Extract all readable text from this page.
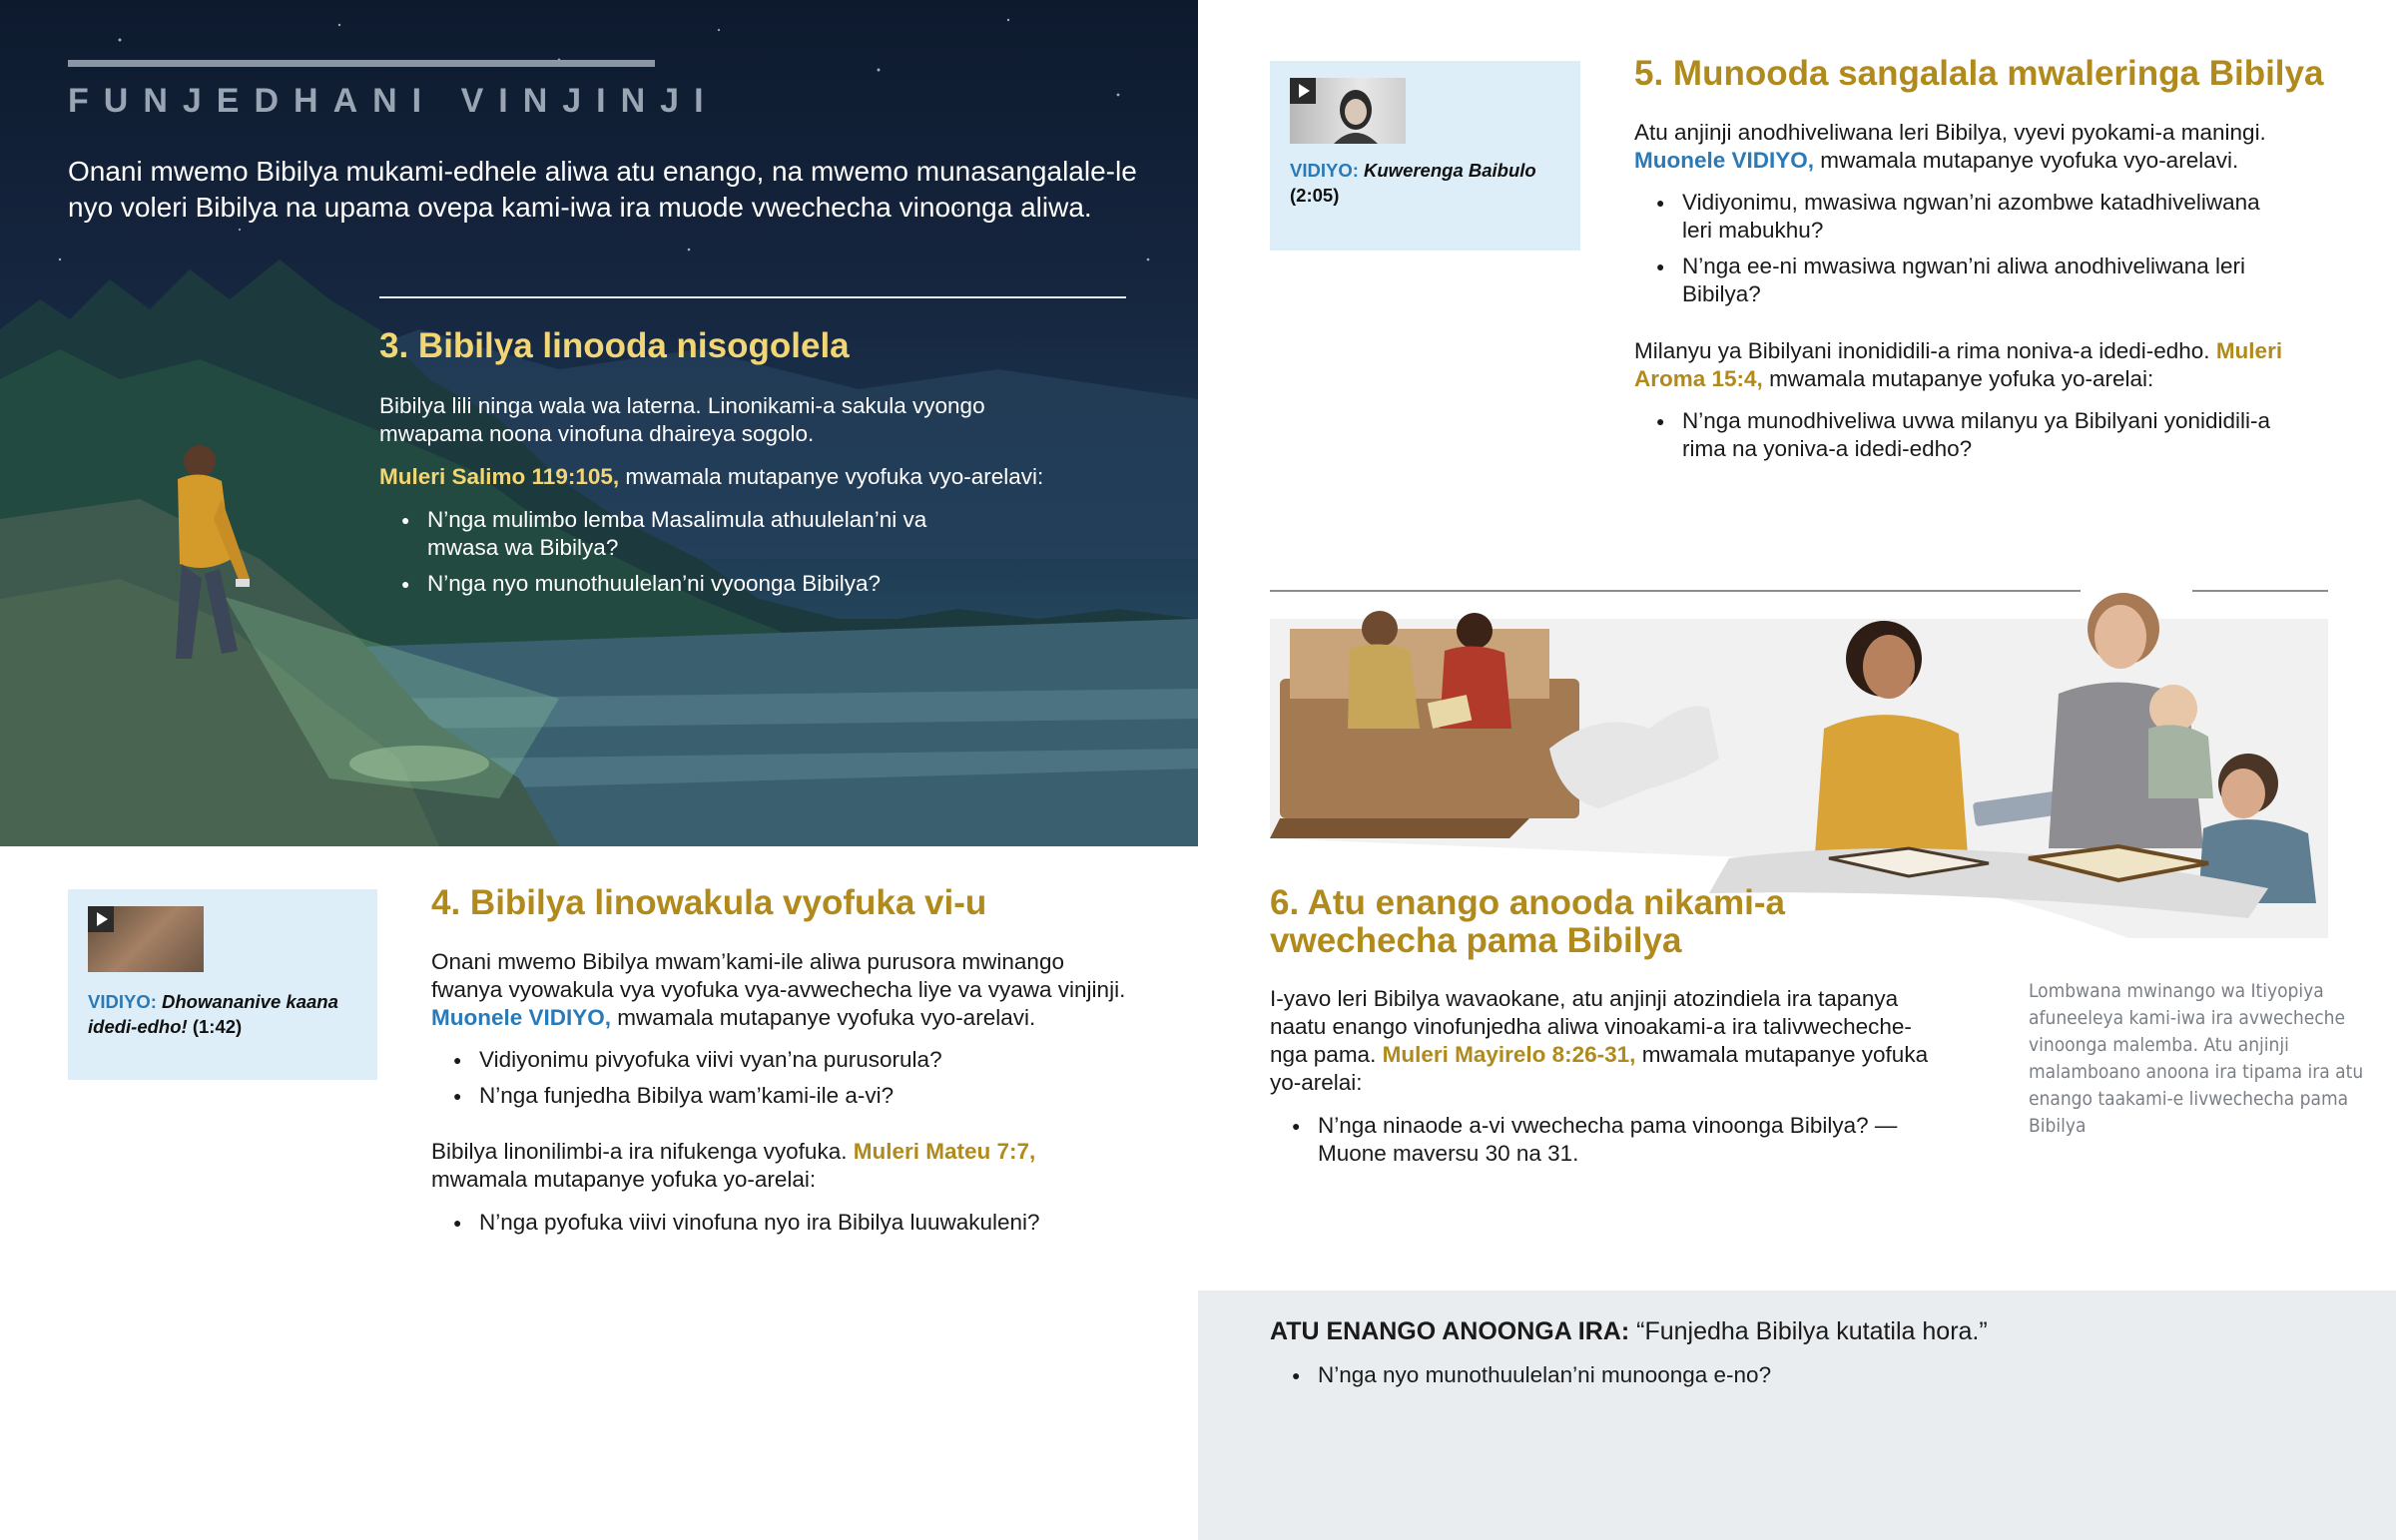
FUNJEDHANI VINJINJI
Onani mwemo Bibilya mukami-edhele aliwa atu enango, na mwemo munasangalale-le nyo voleri Bibilya na upama ovepa kami-iwa ira muode vwechecha vinoonga aliwa.
3. Bibilya linooda nisogolela
Bibilya lili ninga wala wa laterna. Linonikami-a sakula vyongo mwapama noona vinofuna dhaireya sogolo.
Muleri Salimo 119:105, mwamala mutapanye vyofuka vyo-arelavi:
● N’nga mulimbo lemba Masalimula athuulelan’ni va mwasa wa Bibilya?
● N’nga nyo munothuulelan’ni vyoonga Bibilya?
VIDIYO: Dhowananive kaana idedi-edho! (1:42)
4. Bibilya linowakula vyofuka vi-u
Onani mwemo Bibilya mwam’kami-ile aliwa purusora mwinango fwanya vyowakula vya vyofuka vya-avwechecha liye va vyawa vinjinji. Muonele VIDIYO, mwamala mutapanye vyofuka vyo-arelavi.
● Vidiyonimu pivyofuka viivi vyan’na purusorula?
● N’nga funjedha Bibilya wam’kami-ile a-vi?
Bibilya linonilimbi-a ira nifukenga vyofuka. Muleri Mateu 7:7, mwamala mutapanye yofuka yo-arelai:
● N’nga pyofuka viivi vinofuna nyo ira Bibilya luuwakuleni?
VIDIYO: Kuwerenga Baibulo
(2:05)
5. Munooda sangalala mwaleringa Bibilya
Atu anjinji anodhiveliwana leri Bibilya, vyevi pyokami-a maningi. Muonele VIDIYO, mwamala mutapanye vyofuka vyo-arelavi.
● Vidiyonimu, mwasiwa ngwan’ni azombwe katadhiveliwana leri mabukhu?
● N’nga ee-ni mwasiwa ngwan’ni aliwa anodhiveliwana leri Bibilya?
Milanyu ya Bibilyani inonididili-a rima noniva-a idedi-edho. Muleri Aroma 15:4, mwamala mutapanye yofuka yo-arelai:
● N’nga munodhiveliwa uvwa milanyu ya Bibilyani yonididili-a rima na yoniva-a idedi-edho?
6. Atu enango anooda nikami-a vwechecha pama Bibilya
I-yavo leri Bibilya wavaokane, atu anjinji atozindiela ira tapanya naatu enango vinofunjedha aliwa vinoakami-a ira talivwecheche-nga pama. Muleri Mayirelo 8:26-31, mwamala mutapanye yofuka yo-arelai:
● N’nga ninaode a-vi vwechecha pama vinoonga Bibilya? —Muone maversu 30 na 31.
Lombwana mwinango wa Itiyopiya afuneeleya kami-iwa ira avwecheche vinoonga malemba. Atu anjinji malamboano anoona ira tipama ira atu enango taakami-e livwechecha pama Bibilya
ATU ENANGO ANOONGA IRA: “Funjedha Bibilya kutatila hora.”
● N’nga nyo munothuulelan’ni munoonga e-no?
